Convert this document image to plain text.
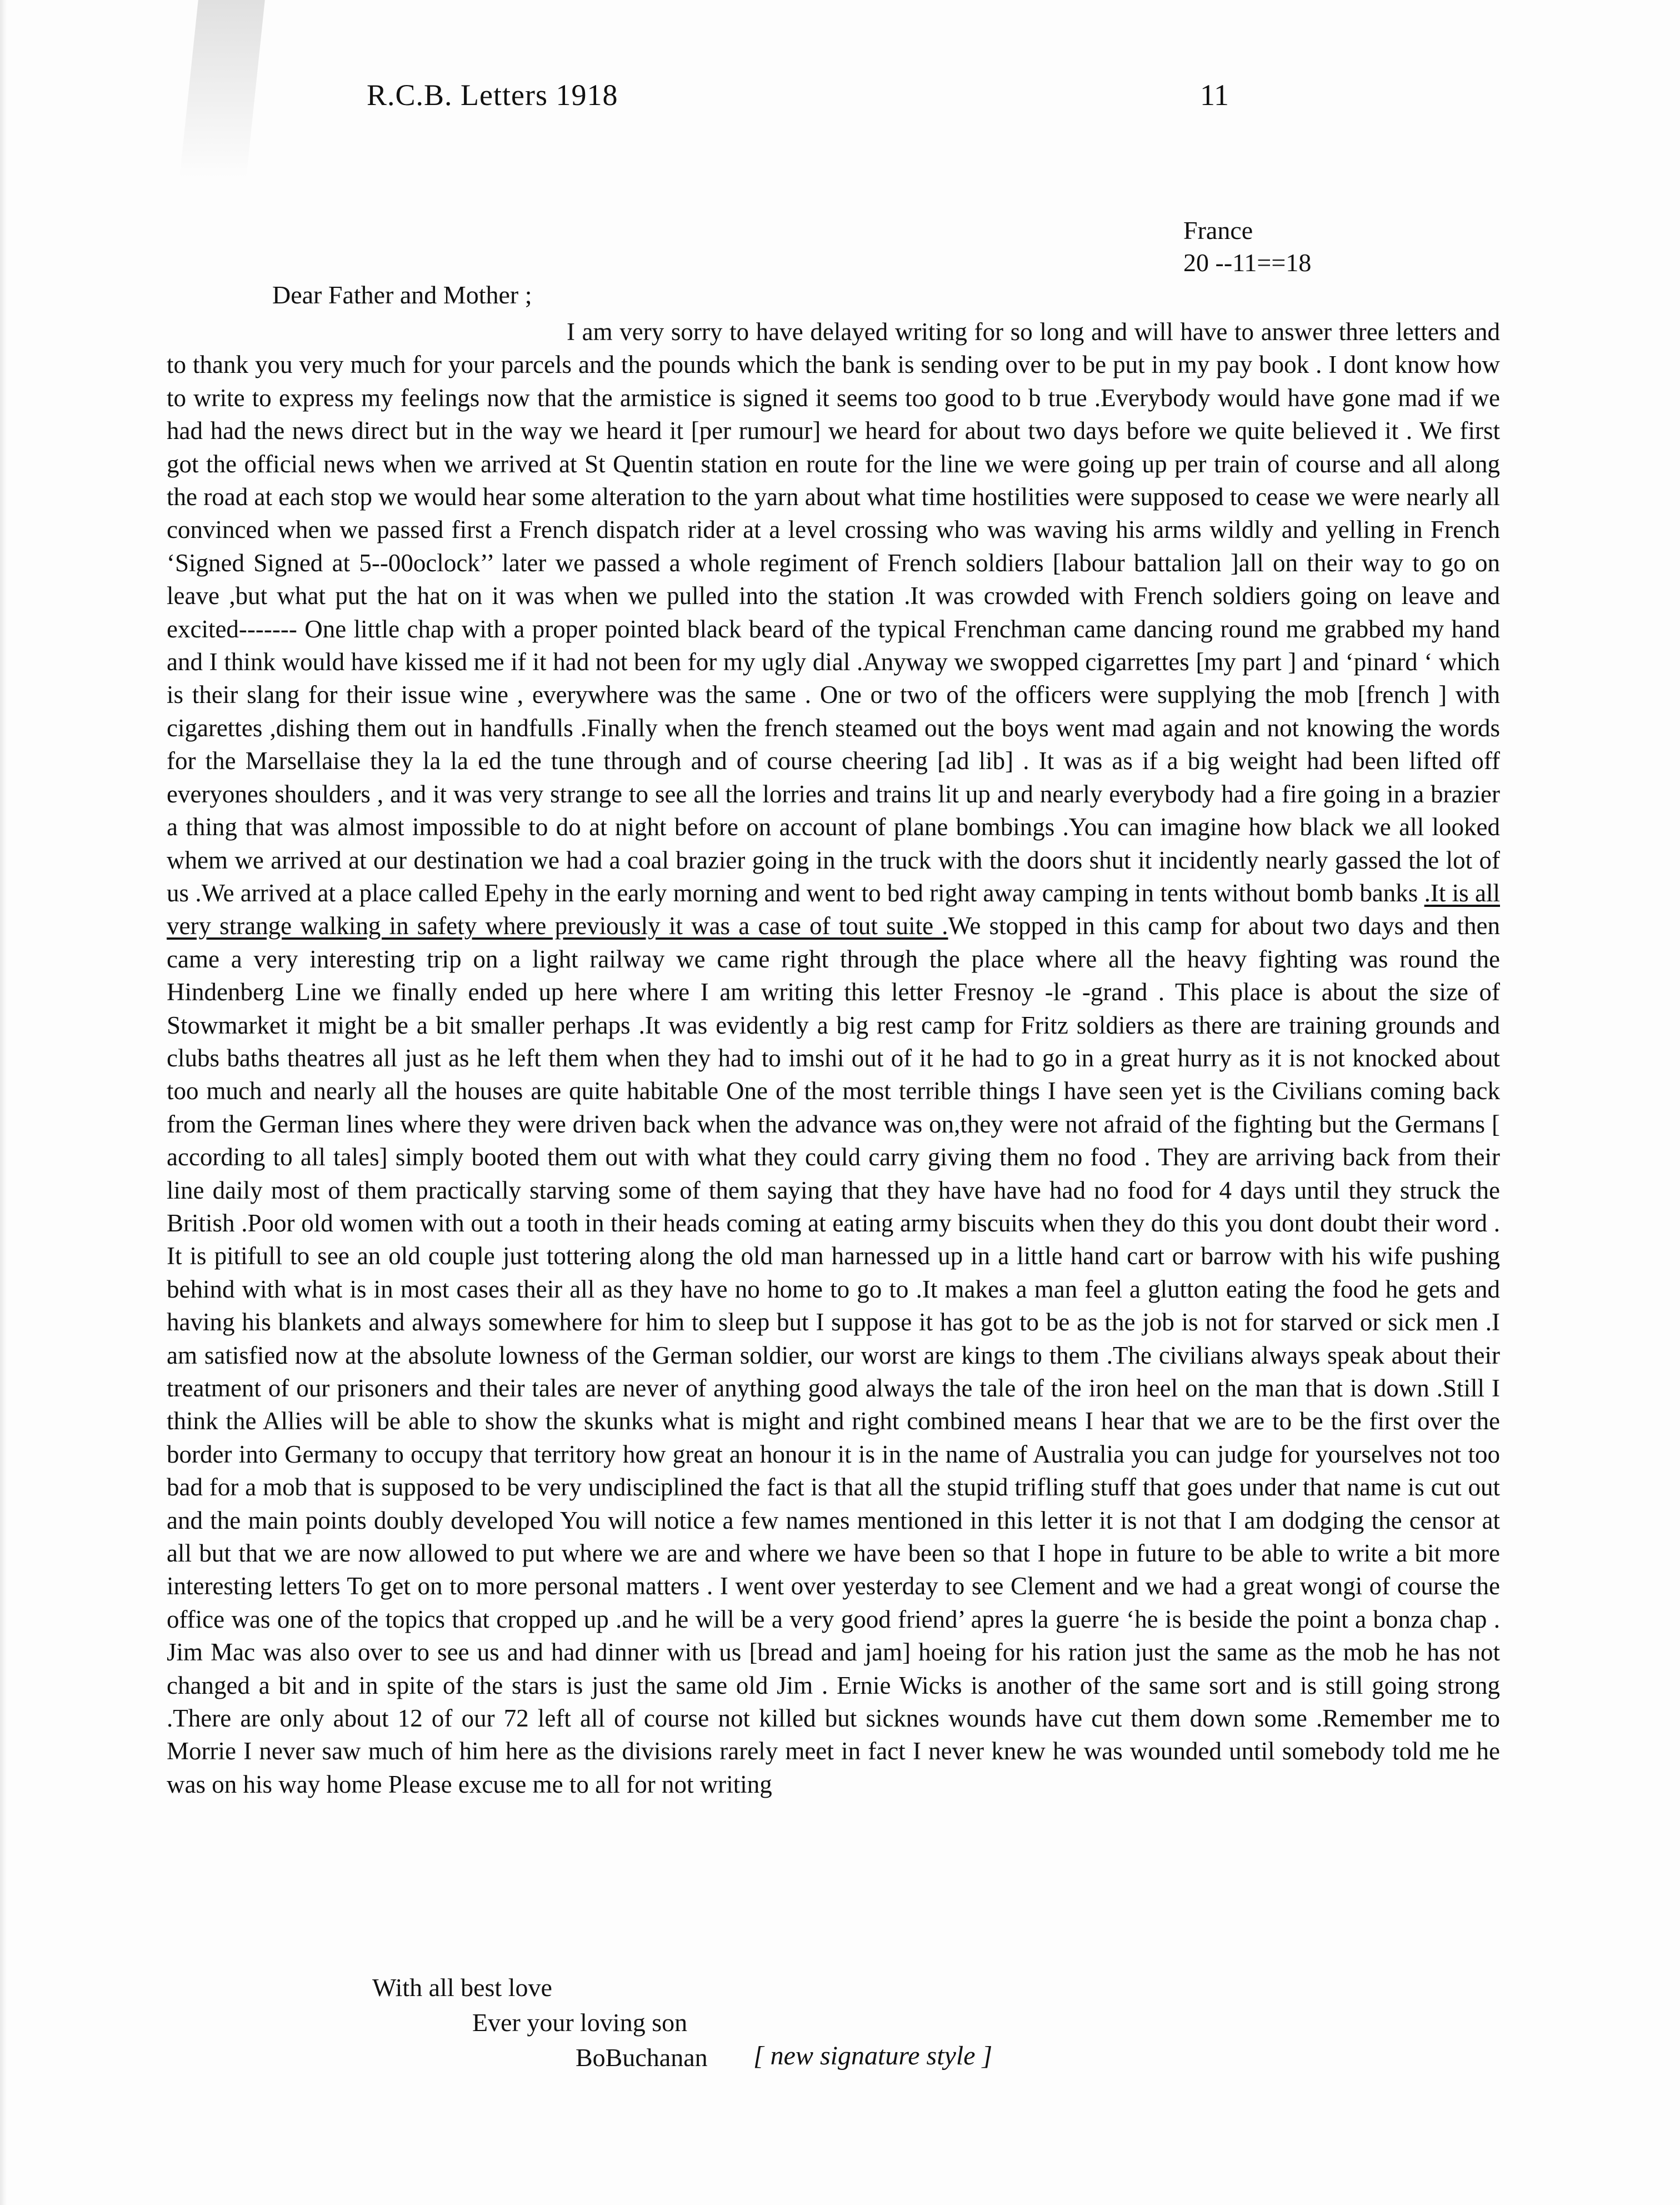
R.C.B. Letters 1918	11
France
20 --11==18
Dear Father and Mother ;
I am very sorry to have delayed writing for so long and will have to answer three letters and to thank you very much for your parcels and the pounds which the bank is sending over to be put in my pay book . I dont know how to write to express my feelings now that the armistice is signed it seems too good to b true .Everybody would have gone mad if we had had the news direct but in the way we heard it [per rumour] we heard for about two days before we quite believed it . We first got the official news when we arrived at St Quentin station en route for the line we were going up per train of course and all along the road at each stop we would hear some alteration to the yarn about what time hostilities were supposed to cease we were nearly all convinced when we passed first a French dispatch rider at a level crossing who was waving his arms wildly and yelling in French ‘Signed Signed at 5--00oclock’’ later we passed a whole regiment of French soldiers [labour battalion ]all on their way to go on leave ,but what put the hat on it was when we pulled into the station .It was crowded with French soldiers going on leave and excited------- One little chap with a proper pointed black beard of the typical Frenchman came dancing round me grabbed my hand and I think would have kissed me if it had not been for my ugly dial .Anyway we swopped cigarrettes [my part ] and ‘pinard ‘ which is their slang for their issue wine , everywhere was the same . One or two of the officers were supplying the mob [french ] with cigarettes ,dishing them out in handfulls .Finally when the french steamed out the boys went mad again and not knowing the words for the Marsellaise they la la ed the tune through and of course cheering [ad lib] . It was as if a big weight had been lifted off everyones shoulders , and it was very strange to see all the lorries and trains lit up and nearly everybody had a fire going in a brazier a thing that was almost impossible to do at night before on account of plane bombings .You can imagine how black we all looked whem we arrived at our destination we had a coal brazier going in the truck with the doors shut it incidently nearly gassed the lot of us .We arrived at a place called Epehy in the early morning and went to bed right away camping in tents without bomb banks .It is all very strange walking in safety where previously it was a case of tout suite .We stopped in this camp for about two days and then came a very interesting trip on a light railway we came right through the place where all the heavy fighting was round the Hindenberg Line we finally ended up here where I am writing this letter Fresnoy -le -grand . This place is about the size of Stowmarket it might be a bit smaller perhaps .It was evidently a big rest camp for Fritz soldiers as there are training grounds and clubs baths theatres all just as he left them when they had to imshi out of it he had to go in a great hurry as it is not knocked about too much and nearly all the houses are quite habitable One of the most terrible things I have seen yet is the Civilians coming back from the German lines where they were driven back when the advance was on,they were not afraid of the fighting but the Germans [ according to all tales] simply booted them out with what they could carry giving them no food . They are arriving back from their line daily most of them practically starving some of them saying that they have have had no food for 4 days until they struck the British .Poor old women with out a tooth in their heads coming at eating army biscuits when they do this you dont doubt their word . It is pitifull to see an old couple just tottering along the old man harnessed up in a little hand cart or barrow with his wife pushing behind with what is in most cases their all as they have no home to go to .It makes a man feel a glutton eating the food he gets and having his blankets and always somewhere for him to sleep but I suppose it has got to be as the job is not for starved or sick men .I am satisfied now at the absolute lowness of the German soldier, our worst are kings to them .The civilians always speak about their treatment of our prisoners and their tales are never of anything good always the tale of the iron heel on the man that is down .Still I think the Allies will be able to show the skunks what is might and right combined means I hear that we are to be the first over the border into Germany to occupy that territory how great an honour it is in the name of Australia you can judge for yourselves not too bad for a mob that is supposed to be very undisciplined the fact is that all the stupid trifling stuff that goes under that name is cut out and the main points doubly developed You will notice a few names mentioned in this letter it is not that I am dodging the censor at all but that we are now allowed to put where we are and where we have been so that I hope in future to be able to write a bit more interesting letters To get on to more personal matters . I went over yesterday to see Clement and we had a great wongi of course the office was one of the topics that cropped up .and he will be a very good friend’ apres la guerre ‘he is beside the point a bonza chap . Jim Mac was also over to see us and had dinner with us [bread and jam] hoeing for his ration just the same as the mob he has not changed a bit and in spite of the stars is just the same old Jim . Ernie Wicks is another of the same sort and is still going strong .There are only about 12 of our 72 left all of course not killed but sicknes wounds have cut them down some .Remember me to Morrie I never saw much of him here as the divisions rarely meet in fact I never knew he was wounded until somebody told me he was on his way home Please excuse me to all for not writing
With all best love
Ever your loving son
BoBuchanan [ new signature style ]
